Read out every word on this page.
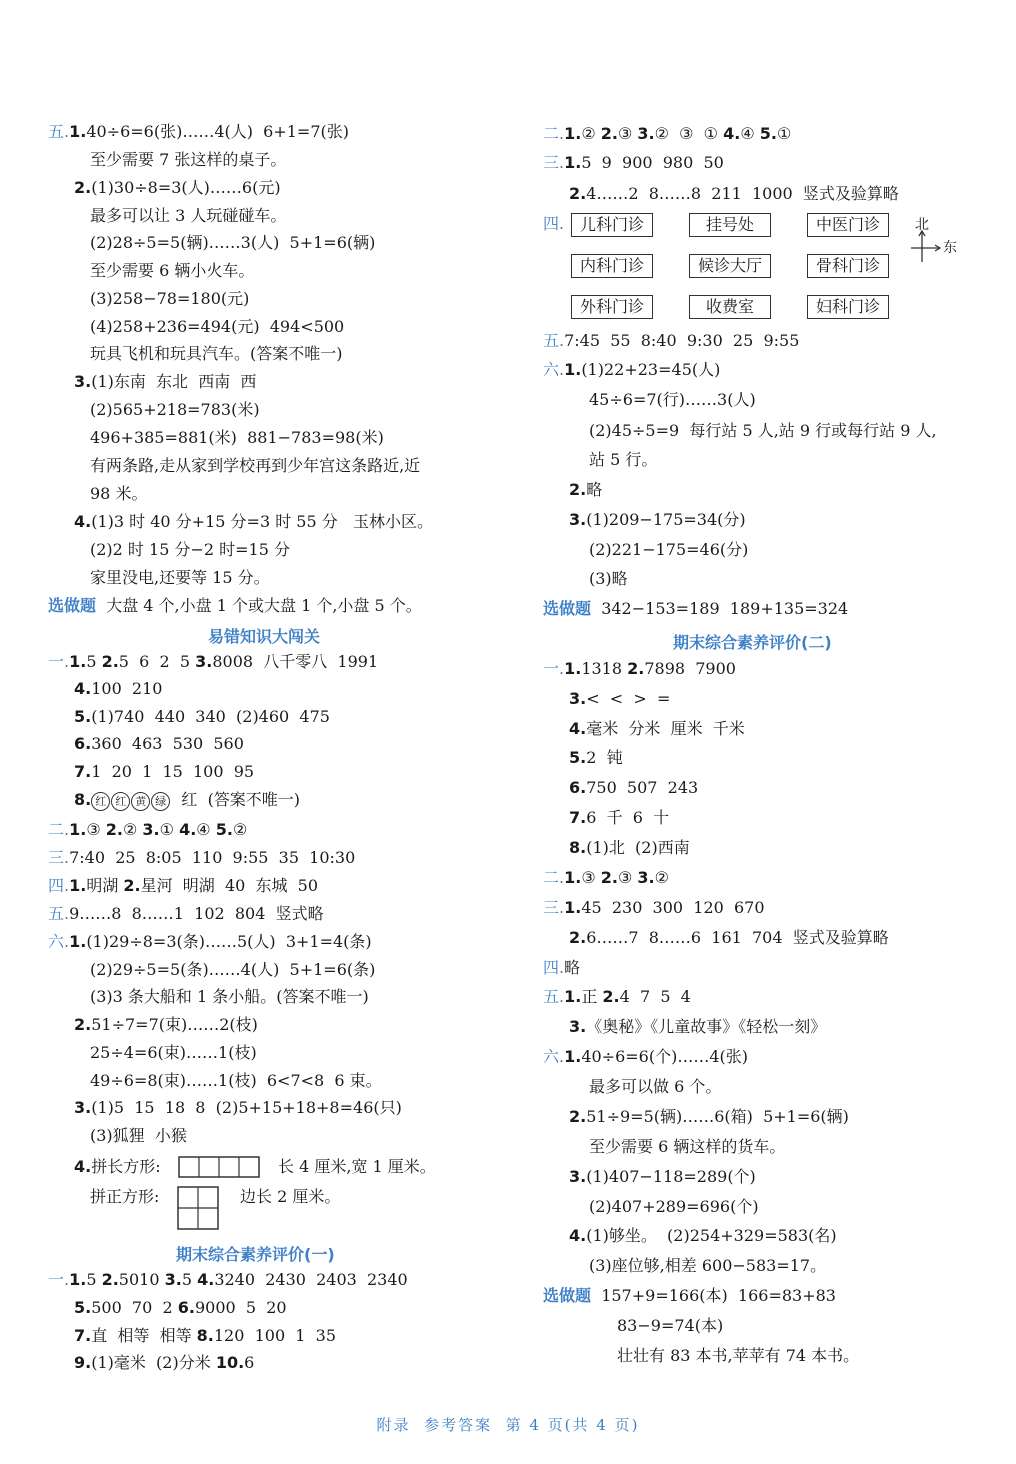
五.1.40÷6=6(张)……4(人)  6+1=7(张)
至少需要 7 张这样的桌子。
2.(1)30÷8=3(人)……6(元)
最多可以让 3 人玩碰碰车。
(2)28÷5=5(辆)……3(人)  5+1=6(辆)
至少需要 6 辆小火车。
(3)258−78=180(元)
(4)258+236=494(元)  494<500
玩具飞机和玩具汽车。(答案不唯一)
3.(1)东南  东北  西南  西
(2)565+218=783(米)
496+385=881(米)  881−783=98(米)
有两条路,走从家到学校再到少年宫这条路近,近
98 米。
4.(1)3 时 40 分+15 分=3 时 55 分   玉林小区。
(2)2 时 15 分−2 时=15 分
家里没电,还要等 15 分。
选做题 大盘 4 个,小盘 1 个或大盘 1 个,小盘 5 个。
易错知识大闯关
一.1.5 2.5  6  2  5 3.8008  八千零八  1991
4.100  210
5.(1)740  440  340  (2)460  475
6.360  463  530  560
7.1  20  1  15  100  95
8. 红 红 黄 绿  红  (答案不唯一)
二.1.③ 2.② 3.① 4.④ 5.②
三.7:40  25  8:05  110  9:55  35  10:30
四.1.明湖 2.星河  明湖  40  东城  50
五.9……8  8……1  102  804  竖式略
六.1.(1)29÷8=3(条)……5(人)  3+1=4(条)
(2)29÷5=5(条)……4(人)  5+1=6(条)
(3)3 条大船和 1 条小船。(答案不唯一)
2.51÷7=7(束)……2(枝)
25÷4=6(束)……1(枝)
49÷6=8(束)……1(枝)  6<7<8  6 束。
3.(1)5  15  18  8  (2)5+15+18+8=46(只)
(3)狐狸  小猴
4.拼长方形:	长 4 厘米,宽 1 厘米。
拼正方形:	边长 2 厘米。
期末综合素养评价(一)
一.1.5 2.5010 3.5 4.3240  2430  2403  2340
5.500  70  2 6.9000  5  20
7.直  相等  相等 8.120  100  1  35
9.(1)毫米  (2)分米 10.6
二.1.② 2.③ 3.②  ③  ① 4.④ 5.①
三.1.5  9  900  980  50
2.4……2  8……8  211  1000  竖式及验算略
四. 儿科门诊	挂号处	中医门诊
内科门诊	候诊大厅	骨科门诊
外科门诊	收费室	妇科门诊
北
东
五.7:45  55  8:40  9:30  25  9:55
六.1.(1)22+23=45(人)
45÷6=7(行)……3(人)
(2)45÷5=9  每行站 5 人,站 9 行或每行站 9 人,
站 5 行。
2.略
3.(1)209−175=34(分)
(2)221−175=46(分)
(3)略
选做题 342−153=189  189+135=324
期末综合素养评价(二)
一.1.1318 2.7898  7900
3.<  <  >  =
4.毫米  分米  厘米  千米
5.2  钝
6.750  507  243
7.6  千  6  十
8.(1)北  (2)西南
二.1.③ 2.③ 3.②
三.1.45  230  300  120  670
2.6……7  8……6  161  704  竖式及验算略
四.略
五.1.正 2.4  7  5  4
3.《奥秘》《儿童故事》《轻松一刻》
六.1.40÷6=6(个)……4(张)
最多可以做 6 个。
2.51÷9=5(辆)……6(箱)  5+1=6(辆)
至少需要 6 辆这样的货车。
3.(1)407−118=289(个)
(2)407+289=696(个)
4.(1)够坐。  (2)254+329=583(名)
(3)座位够,相差 600−583=17。
选做题 157+9=166(本)  166=83+83
83−9=74(本)
壮壮有 83 本书,苹苹有 74 本书。
附录  参考答案  第 4 页(共 4 页)
